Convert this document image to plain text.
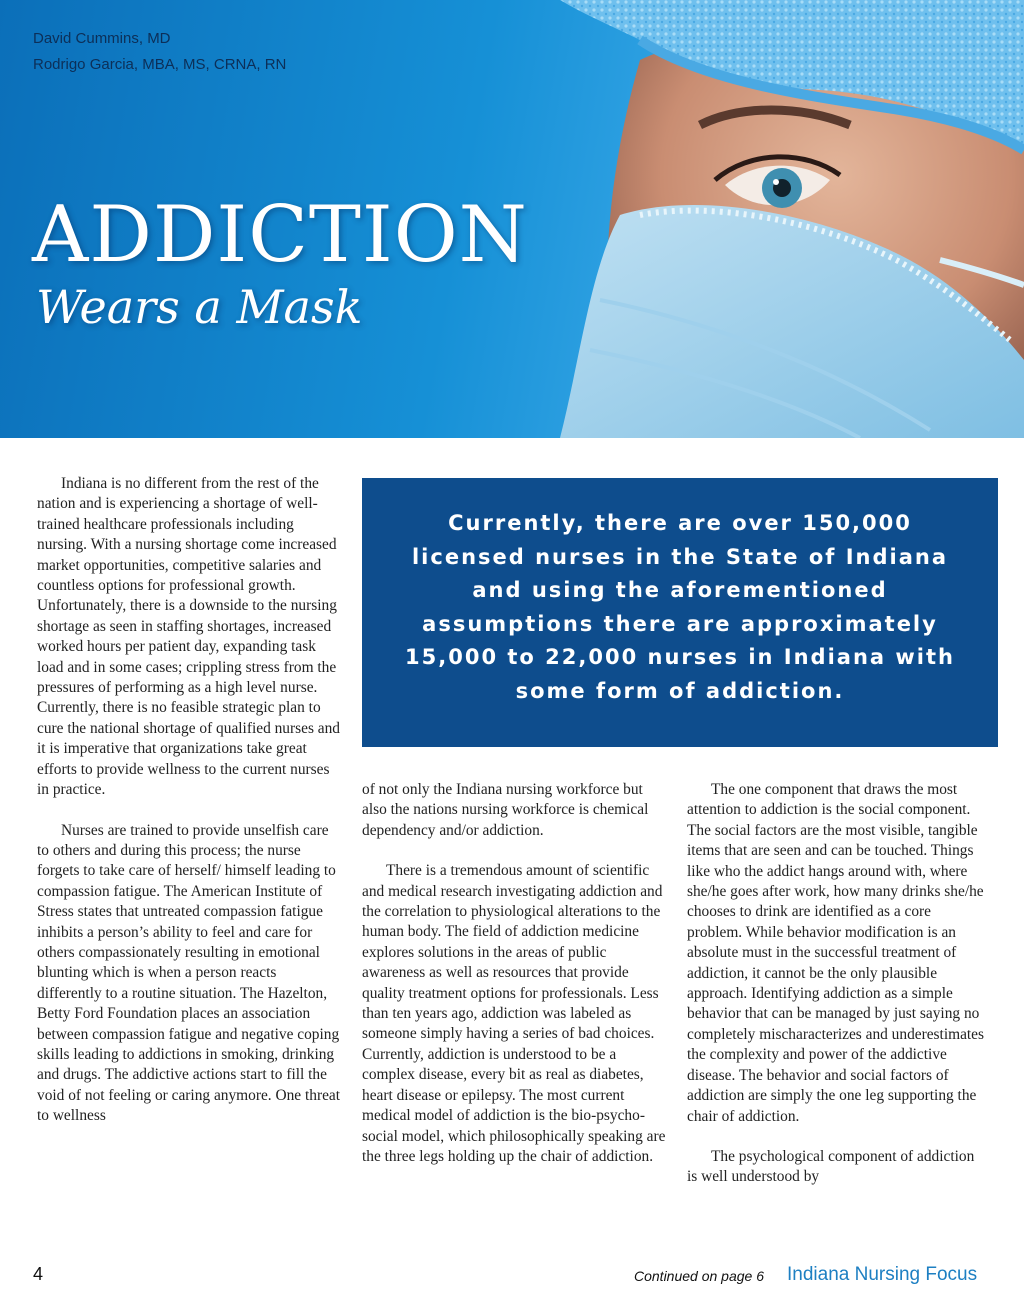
David Cummins, MD
Rodrigo Garcia, MBA, MS, CRNA, RN
ADDICTION
Wears a Mask

Indiana is no different from the rest of the nation and is experiencing a shortage of well-trained healthcare professionals including nursing. With a nursing shortage come increased market opportunities, competitive salaries and countless options for professional growth. Unfortunately, there is a downside to the nursing shortage as seen in staffing shortages, increased worked hours per patient day, expanding task load and in some cases; crippling stress from the pressures of performing as a high level nurse. Currently, there is no feasible strategic plan to cure the national shortage of qualified nurses and it is imperative that organizations take great efforts to provide wellness to the current nurses in practice.

Nurses are trained to provide unselfish care to others and during this process; the nurse forgets to take care of herself/ himself leading to compassion fatigue. The American Institute of Stress states that untreated compassion fatigue inhibits a person’s ability to feel and care for others compassionately resulting in emotional blunting which is when a person reacts differently to a routine situation. The Hazelton, Betty Ford Foundation places an association between compassion fatigue and negative coping skills leading to addictions in smoking, drinking and drugs. The addictive actions start to fill the void of not feeling or caring anymore. One threat to wellness

Currently, there are over 150,000 licensed nurses in the State of Indiana and using the aforementioned assumptions there are approximately 15,000 to 22,000 nurses in Indiana with some form of addiction.

of not only the Indiana nursing workforce but also the nations nursing workforce is chemical dependency and/or addiction.

There is a tremendous amount of scientific and medical research investigating addiction and the correlation to physiological alterations to the human body. The field of addiction medicine explores solutions in the areas of public awareness as well as resources that provide quality treatment options for professionals. Less than ten years ago, addiction was labeled as someone simply having a series of bad choices. Currently, addiction is understood to be a complex disease, every bit as real as diabetes, heart disease or epilepsy. The most current medical model of addiction is the bio-psycho-social model, which philosophically speaking are the three legs holding up the chair of addiction.

The one component that draws the most attention to addiction is the social component. The social factors are the most visible, tangible items that are seen and can be touched. Things like who the addict hangs around with, where she/he goes after work, how many drinks she/he chooses to drink are identified as a core problem. While behavior modification is an absolute must in the successful treatment of addiction, it cannot be the only plausible approach. Identifying addiction as a simple behavior that can be managed by just saying no completely mischaracterizes and underestimates the complexity and power of the addictive disease. The behavior and social factors of addiction are simply the one leg supporting the chair of addiction.

The psychological component of addiction is well understood by

4	Continued on page 6 Indiana Nursing Focus
